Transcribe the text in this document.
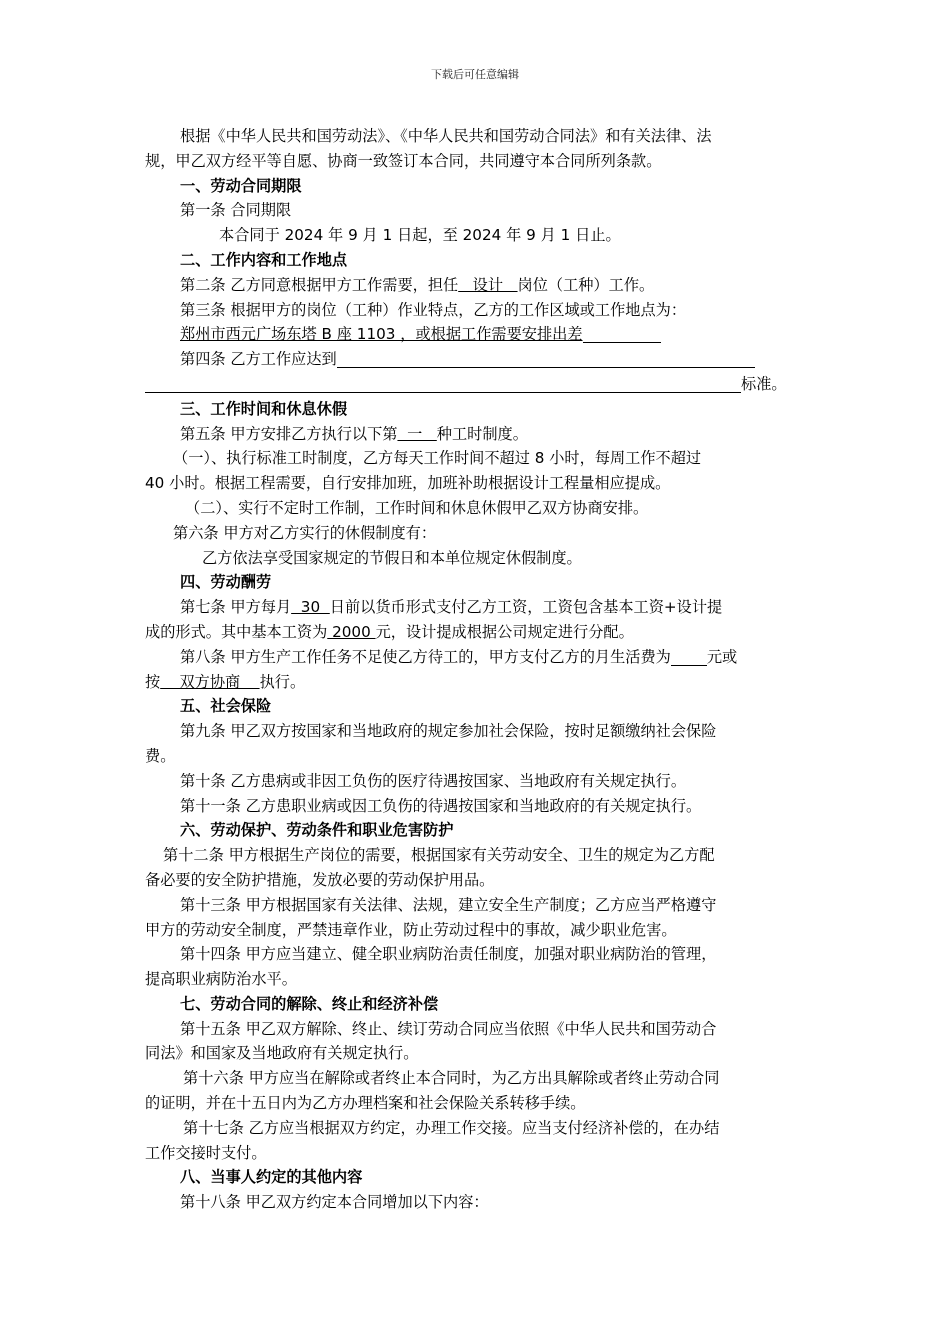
下载后可任意编辑

根据《中华人民共和国劳动法》、《中华人民共和国劳动合同法》和有关法律、法

规，甲乙双方经平等自愿、协商一致签订本合同，共同遵守本合同所列条款。

一、劳动合同期限

第一条 合同期限

本合同于 2024 年 9 月 1 日起，至 2024 年 9 月 1 日止。

二、工作内容和工作地点

第二条 乙方同意根据甲方工作需要，担任   设计   岗位（工种）工作。

第三条 根据甲方的岗位（工种）作业特点，乙方的工作区域或工作地点为：

郑州市西元广场东塔 B 座 1103 ，或根据工作需要安排出差

第四条 乙方工作应达到

标准。

三、工作时间和休息休假

第五条 甲方安排乙方执行以下第  一   种工时制度。

（一）、执行标准工时制度，乙方每天工作时间不超过 8 小时，每周工作不超过

40 小时。根据工程需要，自行安排加班，加班补助根据设计工程量相应提成。

（二）、实行不定时工作制，工作时间和休息休假甲乙双方协商安排。

第六条 甲方对乙方实行的休假制度有：

乙方依法享受国家规定的节假日和本单位规定休假制度。

四、劳动酬劳

第七条 甲方每月  30  日前以货币形式支付乙方工资，工资包含基本工资+设计提

成的形式。其中基本工资为 2000 元，设计提成根据公司规定进行分配。

第八条 甲方生产工作任务不足使乙方待工的，甲方支付乙方的月生活费为 元或

按    双方协商    执行。

五、社会保险

第九条 甲乙双方按国家和当地政府的规定参加社会保险，按时足额缴纳社会保险

费。

第十条 乙方患病或非因工负伤的医疗待遇按国家、当地政府有关规定执行。

第十一条 乙方患职业病或因工负伤的待遇按国家和当地政府的有关规定执行。

六、劳动保护、劳动条件和职业危害防护

第十二条 甲方根据生产岗位的需要，根据国家有关劳动安全、卫生的规定为乙方配

备必要的安全防护措施，发放必要的劳动保护用品。

第十三条 甲方根据国家有关法律、法规，建立安全生产制度；乙方应当严格遵守

甲方的劳动安全制度，严禁违章作业，防止劳动过程中的事故，减少职业危害。

第十四条 甲方应当建立、健全职业病防治责任制度，加强对职业病防治的管理，

提高职业病防治水平。

七、劳动合同的解除、终止和经济补偿

第十五条 甲乙双方解除、终止、续订劳动合同应当依照《中华人民共和国劳动合

同法》和国家及当地政府有关规定执行。

第十六条 甲方应当在解除或者终止本合同时，为乙方出具解除或者终止劳动合同

的证明，并在十五日内为乙方办理档案和社会保险关系转移手续。

第十七条 乙方应当根据双方约定，办理工作交接。应当支付经济补偿的，在办结

工作交接时支付。

八、当事人约定的其他内容

第十八条 甲乙双方约定本合同增加以下内容：
